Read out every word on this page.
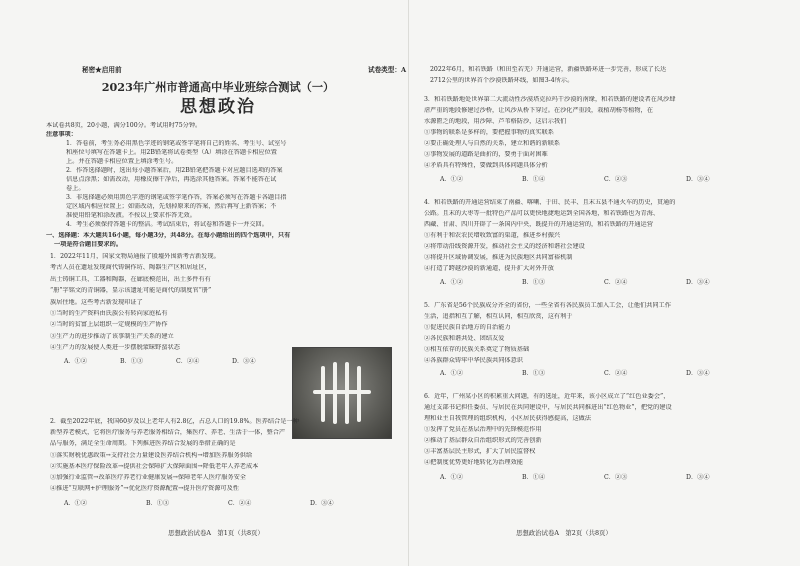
秘密★启用前	试卷类型：A
2023年广州市普通高中毕业班综合测试（一）
思想政治
本试卷共8页，20小题，满分100分。考试用时75分钟。
注意事项：
1．答卷前，考生务必用黑色字迹的钢笔或签字笔将自己的姓名、考生号、试室号
和座位号填写在答题卡上。用2B铅笔将试卷类型（A）填涂在答题卡相应位置
上。并在答题卡相应位置上填涂考生号。
2．作答选择题时，选出每小题答案后，用2B铅笔把答题卡对应题目选项的答案
信息点涂黑；如需改动，用橡皮擦干净后，再选涂其他答案。答案不能答在试
卷上。
3．非选择题必须用黑色字迹的钢笔或签字笔作答，答案必须写在答题卡各题目指
定区域内相应位置上；如需改动，先划掉原来的答案，然后再写上新答案；不
准使用铅笔和涂改液。不按以上要求作答无效。
4．考生必须保持答题卡的整洁。考试结束后，将试卷和答题卡一并交回。
一、选择题：本大题共16小题，每小题3分，共48分。在每小题给出的四个选项中，只有
一项是符合题目要求的。
1．2022年11月，国家文物局通报了殷墟外围新考古新发现。
考古人员在遗址发现商代铸铜作坊、陶器生产区和居址区，
出土铸铜工具、工器和陶器，在廊底模范出，出土多件有有
“册”字铭文的青铜器，显示该遗址可能是商代的制度官“册”
族居住地。这些考古新发现印证了
①当时的生产资料由氏族公有转向家庭私有
②当时的贫富上层组织一定规模的生产协作
③生产力的进步推动了该事制生产关系的建立
④生产力的发展使人类进一步摆脱蒙昧野蛮状态
A．①②	B．①③	C．②④	D．③④
2．截至2022年底，我国60岁及以上老年人有2.8亿，占总人口的19.8%。医养结合是一种
新型养老模式，它将医疗服务与养老服务相结合，集医疗、养老、生活于一体，整合产
品与服务，满足全生命周期。下列推进医养结合发展的举措正确的是
①落实财税优惠政策→支持社会力量建设医养结合机构→增加医养服务供给
②实施基本医疗保险改革→提供社会保障扩大保障面围→降低老年人养老成本
③加强行业监管→改革医疗养老行业健康发展→保障老年人医疗服务安全
④推进“互联网+护理服务”→优化医疗资源配置→提升医疗资源可及性
A．①②	B．①③	C．②④	D．③④
思想政治试卷A　第1页（共8页）
2022年6月，和若铁路（和田至若羌）开通运营，新疆铁路环进一步完善，形成了长达
2712公里的世界首个沙漠铁路环线，如图3-4所示。
3．和若铁路地处世界第二大流动性沙漠塔克拉玛干沙漠的南缘，和若铁路的建设者在风沙肆
虐严重的地段修建过沙桥，让风沙从桥下穿过。在沙化严重段，栽植胡杨等植物，在
水源匮乏的地段，用沙障、芦苇格防沙，这启示我们
①事物的联系是多样的，要把握事物的真实联系
②要正确处理人与自然的关系，建立和谐的新联系
③事物发展的道路是曲折的，要勇于面对困难
④矛盾具有特殊性，要做到具体问题具体分析
A．①②	B．①④	C．②③	D．③④
4．和若铁路的开通运营结束了南疆、喀喇、于田、民丰、且末五县不通火车的历史，贯通的
公路。且末的大枣等一批特色产品可以更快地捷地运到全国各地，和若铁路也为青海、
西藏、甘肃、四川开辟了一条国内中央，既提升的开通运营的，和若铁路的开通运营
①有利于和农农民增收致富的渠道，推进乡村振兴
②将带动沿线资源开发，推动社会主义的经济和谐社会建设
③将提升区域协调发展，推进为民族地区共同富裕机制
④打造了跨越沙漠的新通道，提升扩大对外开放
A．①②	B．①③	C．②④	D．③④
5．广东省是56个民族成分齐全的省份，一些全省有各民族员工加入工会，让他们共同工作
生活，追指和互了解，相互认同，相互欣赏，这有利于
①促进民族自治地方的自治能力
②各民族和谐共处、团结友爱
③相互依存的民族关系奠定了物质基础
④各族群众铸牢中华民族共同体意识
A．①②	B．①③	C．②④	D．③④
6．近年，广州某小区的积累重大问题，有的选址，近年来，该小区成立了“红色业委会”，
通过支部书记担任委员、与居民在共同建设中，与居民共同推进出“红色物业”，把党的建设
理和业主自我管理的组织机构，小区居民获得感提高，这做法
①发挥了党员在基层治理中的先锋模范作用
②推动了基层群众自治组织形式的完善创新
③丰富基层民主形式，扩大了居民监督权
④把制度优势更好地转化为治理效能
A．①②	B．①④	C．②③	D．③④
思想政治试卷A　第2页（共8页）
